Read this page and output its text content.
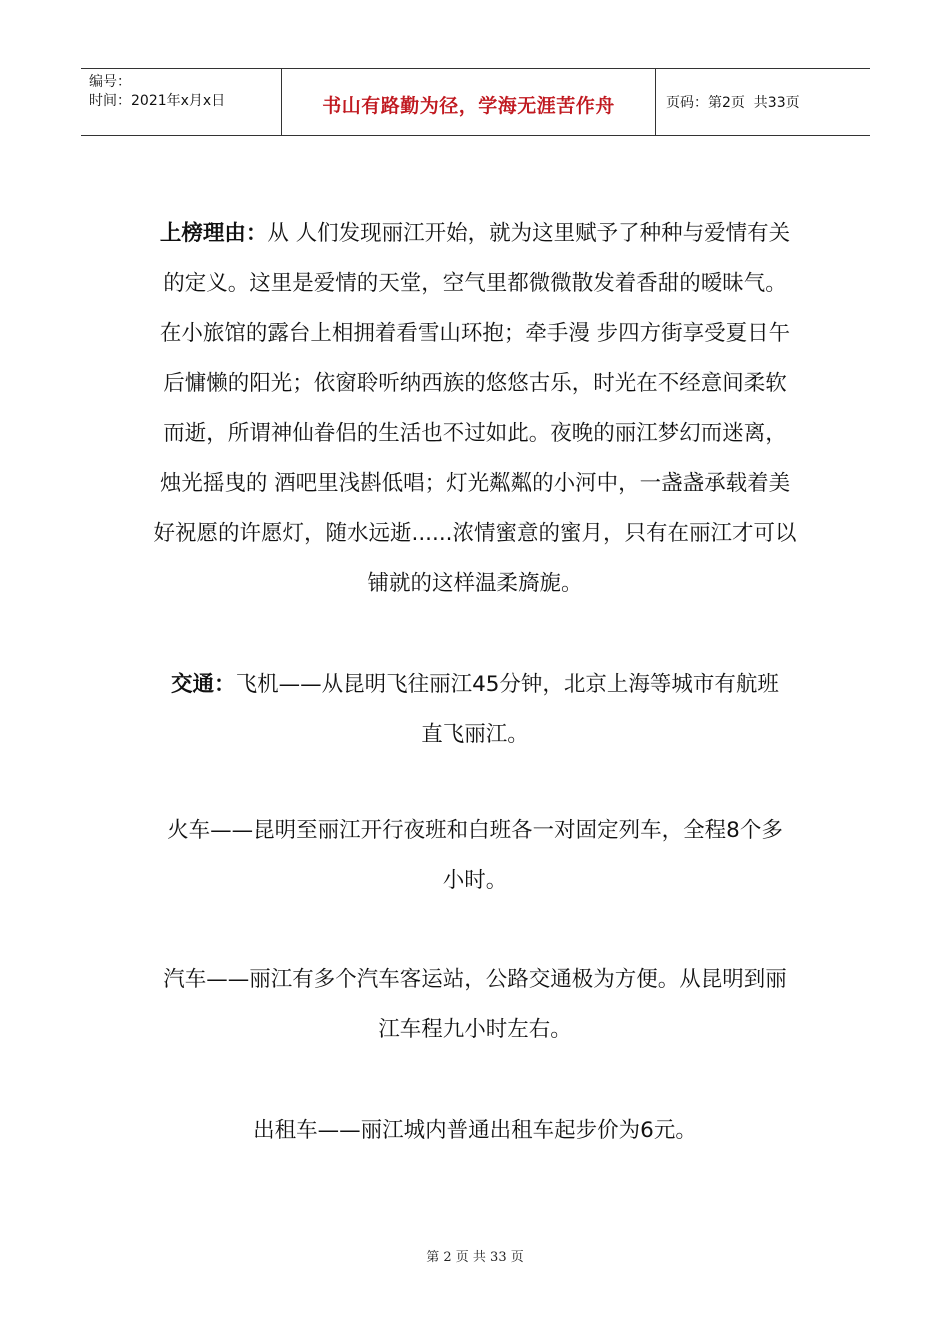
编号：
时间：2021年x月x日	书山有路勤为径，学海无涯苦作舟	页码：第2页  共33页

上榜理由：从 人们发现丽江开始，就为这里赋予了种种与爱情有关

的定义。这里是爱情的天堂，空气里都微微散发着香甜的暧昧气。

在小旅馆的露台上相拥着看雪山环抱；牵手漫 步四方街享受夏日午

后慵懒的阳光；依窗聆听纳西族的悠悠古乐，时光在不经意间柔软

而逝，所谓神仙眷侣的生活也不过如此。夜晚的丽江梦幻而迷离，

烛光摇曳的 酒吧里浅斟低唱；灯光粼粼的小河中，一盏盏承载着美

好祝愿的许愿灯，随水远逝......浓情蜜意的蜜月，只有在丽江才可以

铺就的这样温柔旖旎。

交通：飞机——从昆明飞往丽江45分钟，北京上海等城市有航班

直飞丽江。

火车——昆明至丽江开行夜班和白班各一对固定列车，全程8个多

小时。

汽车——丽江有多个汽车客运站，公路交通极为方便。从昆明到丽

江车程九小时左右。

出租车——丽江城内普通出租车起步价为6元。

第 2 页 共 33 页
